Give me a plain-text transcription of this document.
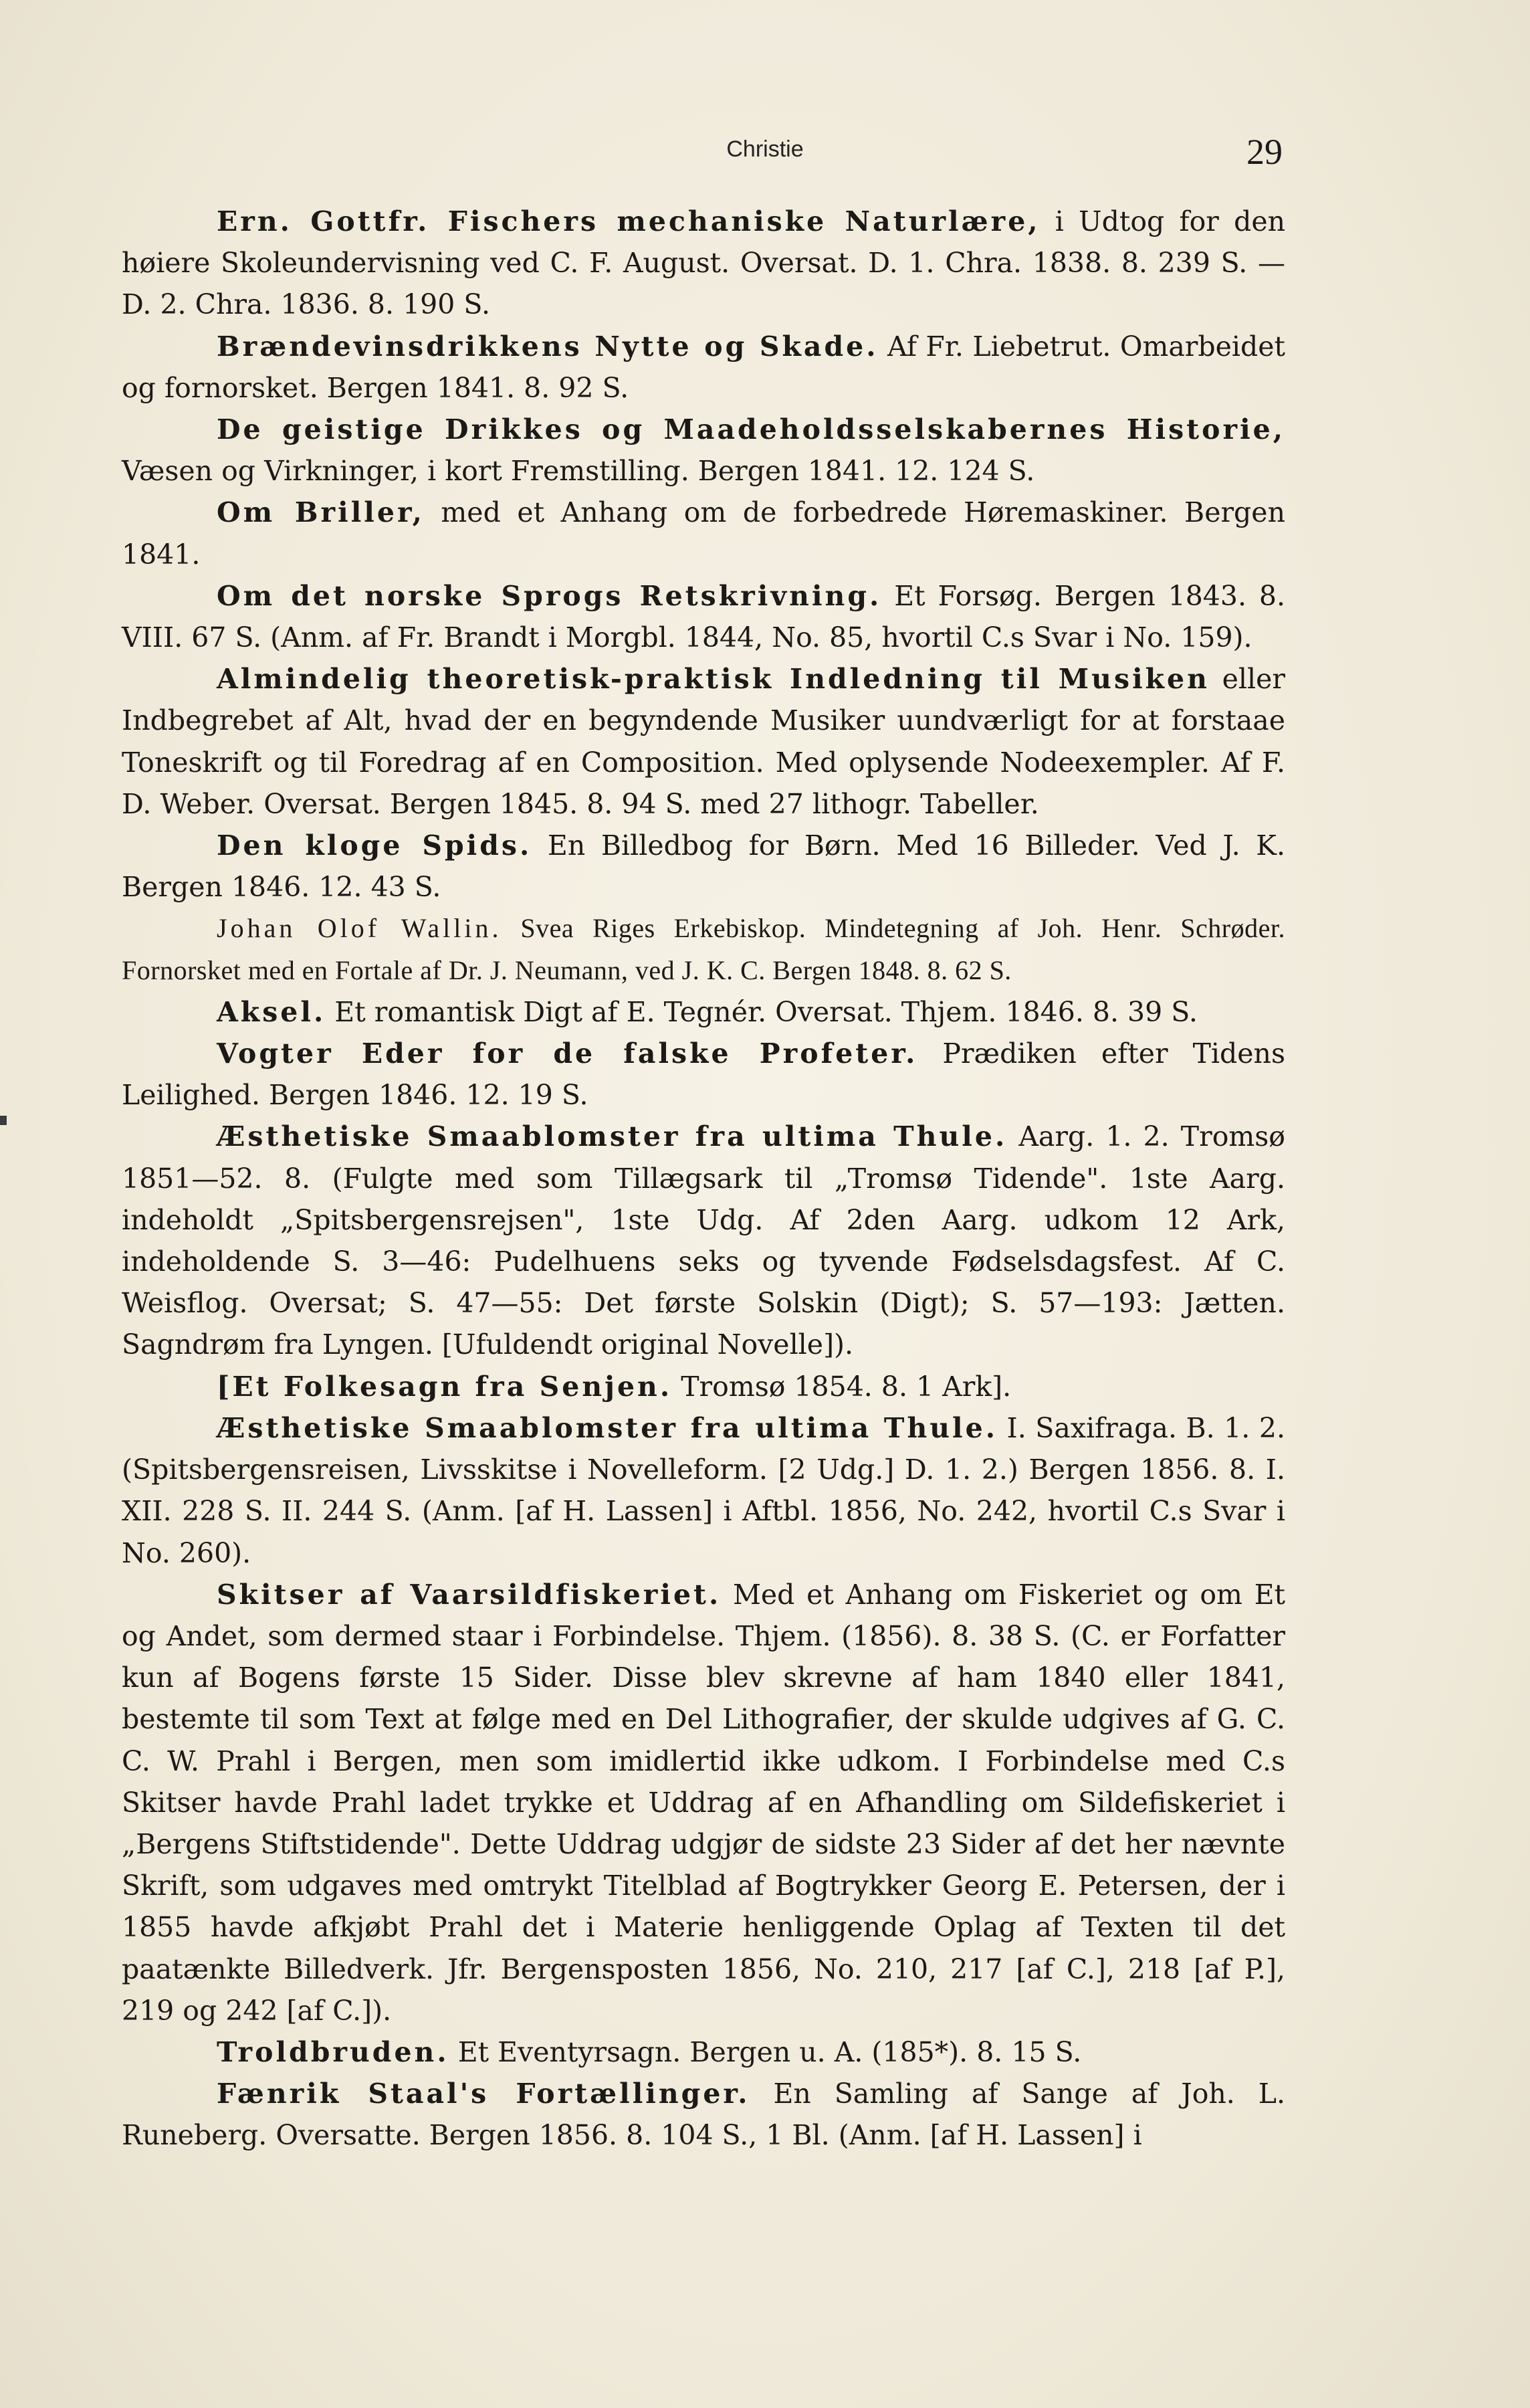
Christie	29

Ern. Gottfr. Fischers mechaniske Naturlære, i Udtog for den høiere Skoleundervisning ved C. F. August. Oversat. D. 1. Chra. 1838. 8. 239 S. — D. 2. Chra. 1836. 8. 190 S.

Brændevinsdrikkens Nytte og Skade. Af Fr. Liebetrut. Omarbeidet og fornorsket. Bergen 1841. 8. 92 S.

De geistige Drikkes og Maadeholdsselskabernes Historie, Væsen og Virkninger, i kort Fremstilling. Bergen 1841. 12. 124 S.

Om Briller, med et Anhang om de forbedrede Høremaskiner. Bergen 1841.

Om det norske Sprogs Retskrivning. Et Forsøg. Bergen 1843. 8. VIII. 67 S. (Anm. af Fr. Brandt i Morgbl. 1844, No. 85, hvortil C.s Svar i No. 159).

Almindelig theoretisk-praktisk Indledning til Musiken eller Indbegrebet af Alt, hvad der en begyndende Musiker uundværligt for at forstaae Toneskrift og til Foredrag af en Composition. Med oplysende Nodeexempler. Af F. D. Weber. Oversat. Bergen 1845. 8. 94 S. med 27 lithogr. Tabeller.

Den kloge Spids. En Billedbog for Børn. Med 16 Billeder. Ved J. K. Bergen 1846. 12. 43 S.

Johan Olof Wallin. Svea Riges Erkebiskop. Mindetegning af Joh. Henr. Schrøder. Fornorsket med en Fortale af Dr. J. Neumann, ved J. K. C. Bergen 1848. 8. 62 S.

Aksel. Et romantisk Digt af E. Tegnér. Oversat. Thjem. 1846. 8. 39 S.

Vogter Eder for de falske Profeter. Prædiken efter Tidens Leilighed. Bergen 1846. 12. 19 S.

Æsthetiske Smaablomster fra ultima Thule. Aarg. 1. 2. Tromsø 1851—52. 8. (Fulgte med som Tillægsark til „Tromsø Tidende". 1ste Aarg. indeholdt „Spitsbergensrejsen", 1ste Udg. Af 2den Aarg. udkom 12 Ark, indeholdende S. 3—46: Pudelhuens seks og tyvende Fødselsdagsfest. Af C. Weisflog. Oversat; S. 47—55: Det første Solskin (Digt); S. 57—193: Jætten. Sagndrøm fra Lyngen. [Ufuldendt original Novelle]).

[Et Folkesagn fra Senjen. Tromsø 1854. 8. 1 Ark].

Æsthetiske Smaablomster fra ultima Thule. I. Saxifraga. B. 1. 2. (Spitsbergensreisen, Livsskitse i Novelleform. [2 Udg.] D. 1. 2.) Bergen 1856. 8. I. XII. 228 S. II. 244 S. (Anm. [af H. Lassen] i Aftbl. 1856, No. 242, hvortil C.s Svar i No. 260).

Skitser af Vaarsildfiskeriet. Med et Anhang om Fiskeriet og om Et og Andet, som dermed staar i Forbindelse. Thjem. (1856). 8. 38 S. (C. er Forfatter kun af Bogens første 15 Sider. Disse blev skrevne af ham 1840 eller 1841, bestemte til som Text at følge med en Del Lithografier, der skulde udgives af G. C. C. W. Prahl i Bergen, men som imidlertid ikke udkom. I Forbindelse med C.s Skitser havde Prahl ladet trykke et Uddrag af en Afhandling om Sildefiskeriet i „Bergens Stiftstidende". Dette Uddrag udgjør de sidste 23 Sider af det her nævnte Skrift, som udgaves med omtrykt Titelblad af Bogtrykker Georg E. Petersen, der i 1855 havde afkjøbt Prahl det i Materie henliggende Oplag af Texten til det paatænkte Billedverk. Jfr. Bergensposten 1856, No. 210, 217 [af C.], 218 [af P.], 219 og 242 [af C.]).

Troldbruden. Et Eventyrsagn. Bergen u. A. (185*). 8. 15 S.

Fænrik Staal's Fortællinger. En Samling af Sange af Joh. L. Runeberg. Oversatte. Bergen 1856. 8. 104 S., 1 Bl. (Anm. [af H. Lassen] i
